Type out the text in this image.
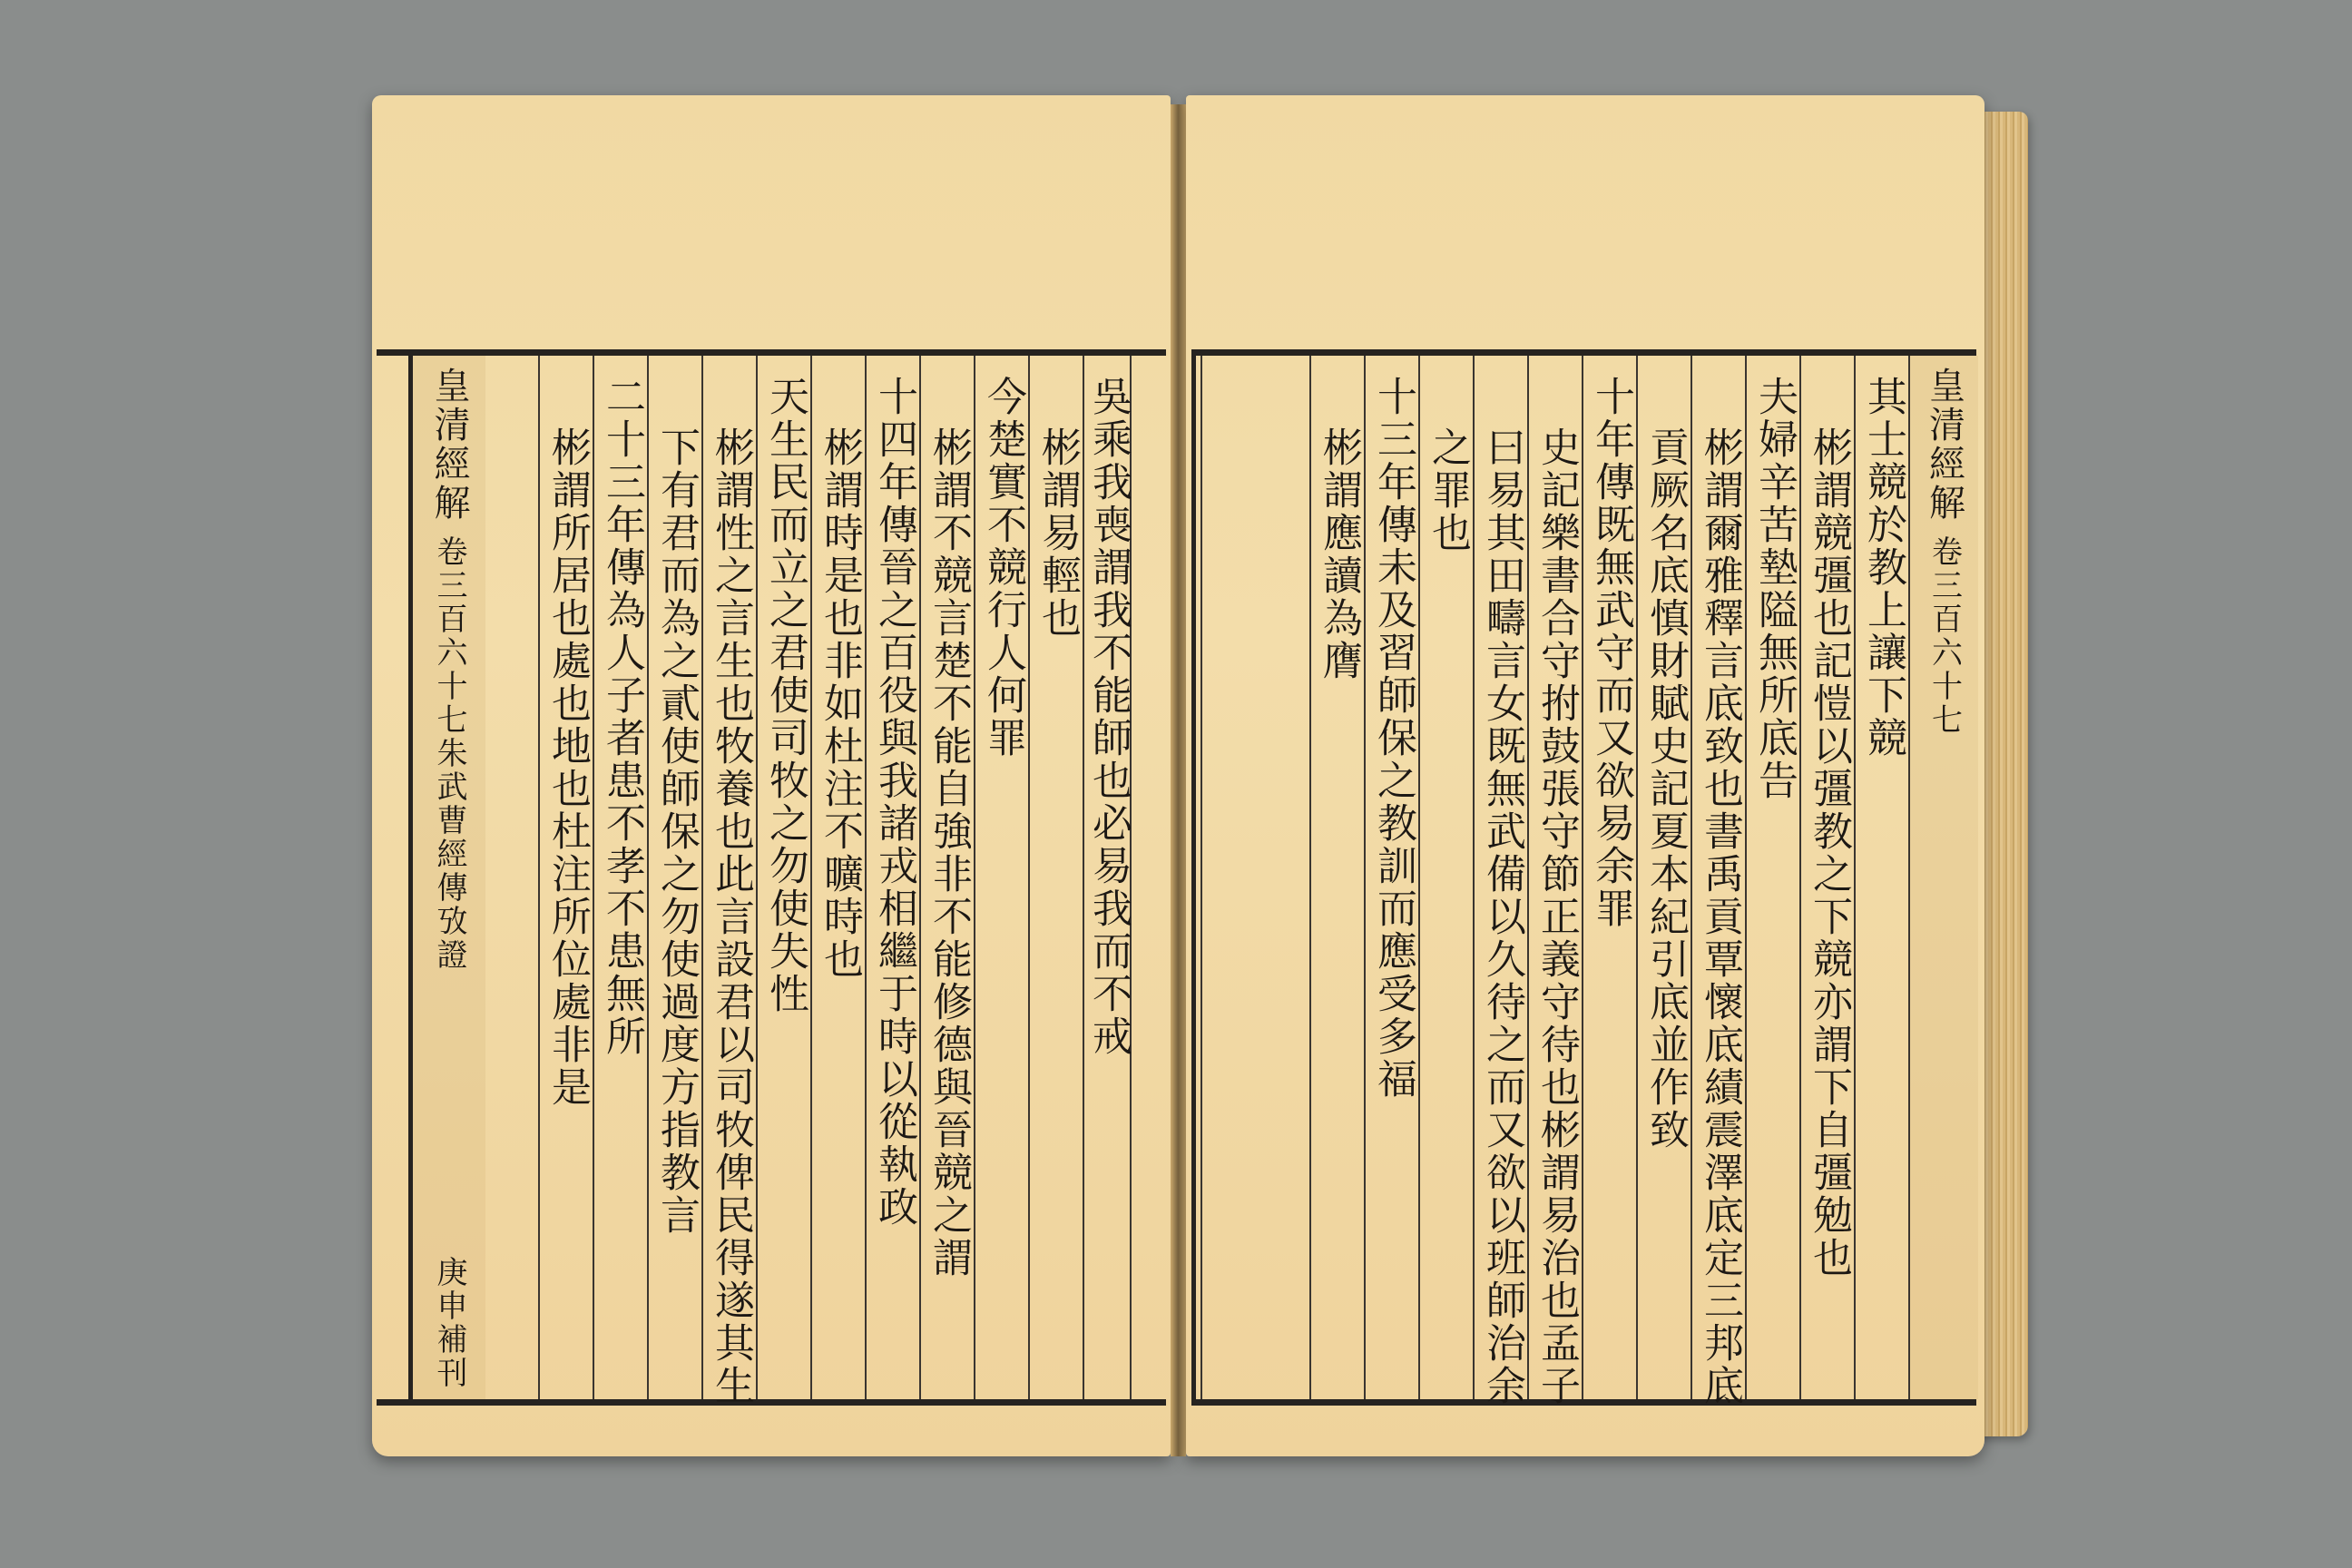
吳乘我喪謂我不能師也必易我而不戒
彬謂易輕也
今楚實不競行人何罪
彬謂不競言楚不能自強非不能修德與晉競之謂
十四年傳晉之百役與我諸戎相繼于時以從執政
彬謂時是也非如杜注不曠時也
天生民而立之君使司牧之勿使失性
彬謂性之言生也牧養也此言設君以司牧俾民得遂其生
下有君而為之貳使師保之勿使過度方指教言
二十三年傳為人子者患不孝不患無所
彬謂所居也處也地也杜注所位處非是
皇清經解
卷三百六十七朱武曹經傳攷證
庚申補刊
皇清經解
卷三百六十七
其士競於教上讓下競
彬謂競彊也記愷以彊教之下競亦謂下自彊勉也
夫婦辛苦墊隘無所底告
彬謂爾雅釋言底致也書禹貢覃懷底績震澤底定三邦底
貢厥名底慎財賦史記夏本紀引底並作致
十年傳既無武守而又欲易余罪
史記樂書合守拊鼓張守節正義守待也彬謂易治也孟子
曰易其田疇言女既無武備以久待之而又欲以班師治余
之罪也
十三年傳未及習師保之教訓而應受多福
彬謂應讀為膺
